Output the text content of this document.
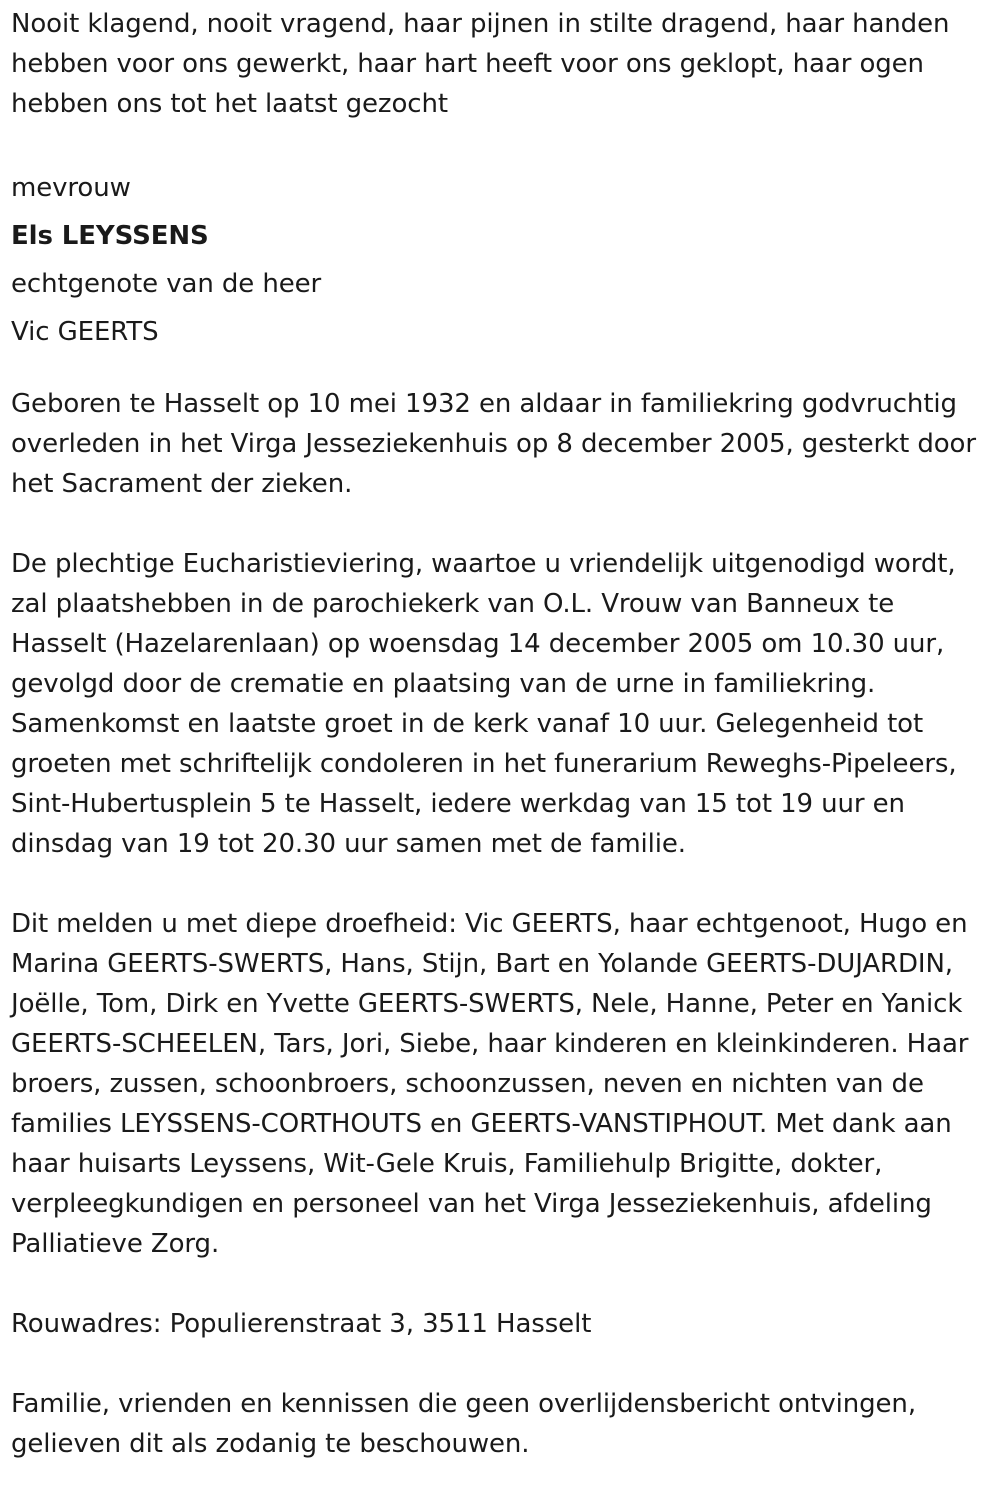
Nooit klagend, nooit vragend, haar pijnen in stilte dragend, haar handen hebben voor ons gewerkt, haar hart heeft voor ons geklopt, haar ogen hebben ons tot het laatst gezocht

mevrouw

Els LEYSSENS

echtgenote van de heer

Vic GEERTS

Geboren te Hasselt op 10 mei 1932 en aldaar in familiekring godvruchtig overleden in het Virga Jesseziekenhuis op 8 december 2005, gesterkt door het Sacrament der zieken.

De plechtige Eucharistieviering, waartoe u vriendelijk uitgenodigd wordt, zal plaatshebben in de parochiekerk van O.L. Vrouw van Banneux te Hasselt (Hazelarenlaan) op woensdag 14 december 2005 om 10.30 uur, gevolgd door de crematie en plaatsing van de urne in familiekring. Samenkomst en laatste groet in de kerk vanaf 10 uur. Gelegenheid tot groeten met schriftelijk condoleren in het funerarium Reweghs-Pipeleers, Sint-Hubertusplein 5 te Hasselt, iedere werkdag van 15 tot 19 uur en dinsdag van 19 tot 20.30 uur samen met de familie.

Dit melden u met diepe droefheid: Vic GEERTS, haar echtgenoot, Hugo en Marina GEERTS-SWERTS, Hans, Stijn, Bart en Yolande GEERTS-DUJARDIN, Joëlle, Tom, Dirk en Yvette GEERTS-SWERTS, Nele, Hanne, Peter en Yanick GEERTS-SCHEELEN, Tars, Jori, Siebe, haar kinderen en kleinkinderen. Haar broers, zussen, schoonbroers, schoonzussen, neven en nichten van de families LEYSSENS-CORTHOUTS en GEERTS-VANSTIPHOUT. Met dank aan haar huisarts Leyssens, Wit-Gele Kruis, Familiehulp Brigitte, dokter, verpleegkundigen en personeel van het Virga Jesseziekenhuis, afdeling Palliatieve Zorg.

Rouwadres: Populierenstraat 3, 3511 Hasselt

Familie, vrienden en kennissen die geen overlijdensbericht ontvingen, gelieven dit als zodanig te beschouwen.
